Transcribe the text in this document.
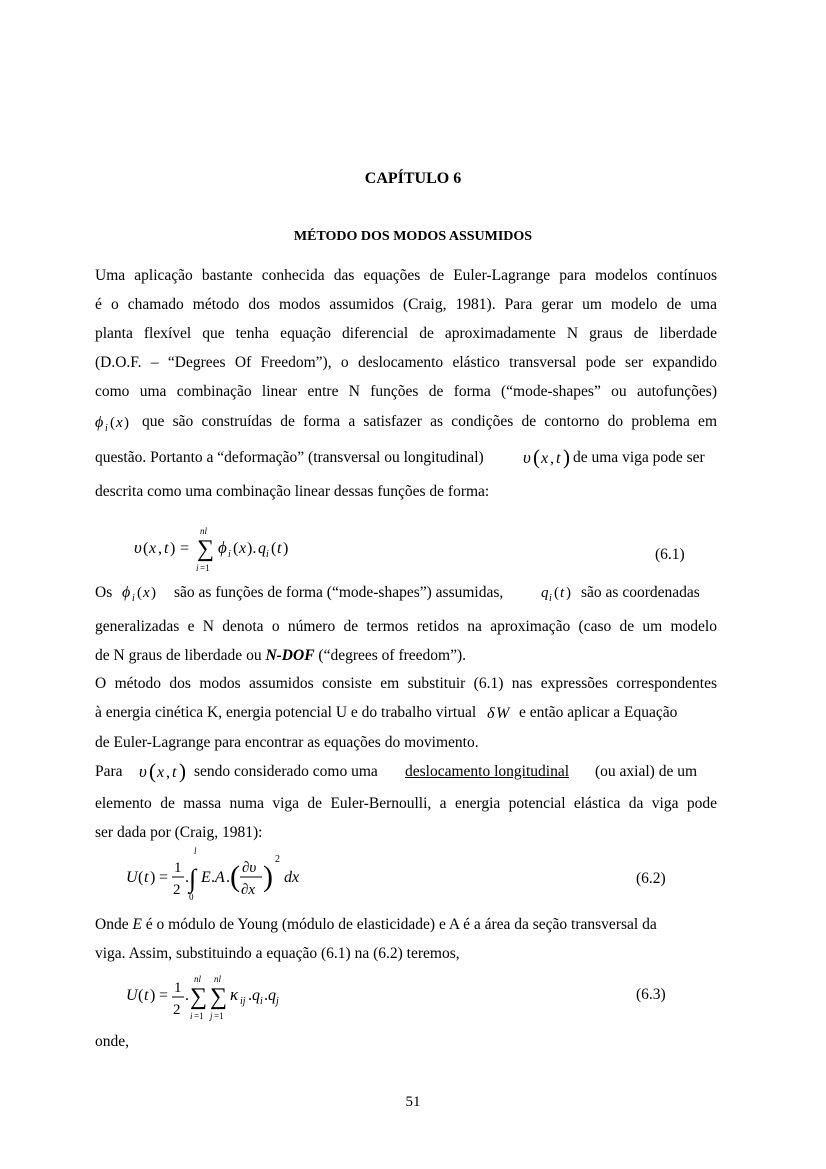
CAPÍTULO 6
MÉTODO DOS MODOS ASSUMIDOS
Uma aplicação bastante conhecida das equações de Euler-Lagrange para modelos contínuos
é o chamado método dos modos assumidos (Craig, 1981). Para gerar um modelo de uma
planta flexível que tenha equação diferencial de aproximadamente N graus de liberdade
(D.O.F. – “Degrees Of Freedom”), o deslocamento elástico transversal pode ser expandido
como uma combinação linear entre N funções de forma (“mode-shapes” ou autofunções)
ϕ i ( x ) que são construídas de forma a satisfazer as condições de contorno do problema em
questão. Portanto a “deformação” (transversal ou longitudinal) υ ( x , t ) de uma viga pode ser
descrita como uma combinação linear dessas funções de forma:
υ ( x , t ) = ∑
nl
i =1
ϕ i ( x ). q i ( t )	(6.1)
Os ϕ i ( x ) são as funções de forma (“mode-shapes”) assumidas,	q i ( t ) são as coordenadas
generalizadas e N denota o número de termos retidos na aproximação (caso de um modelo
de N graus de liberdade ou N-DOF (“degrees of freedom”).
O método dos modos assumidos consiste em substituir (6.1) nas expressões correspondentes
à energia cinética K, energia potencial U e do trabalho virtual δ W e então aplicar a Equação
de Euler-Lagrange para encontrar as equações do movimento.
Para υ ( x , t ) sendo considerado como uma deslocamento longitudinal (ou axial) de um
elemento de massa numa viga de Euler-Bernoulli, a energia potencial elástica da viga pode
ser dada por (Craig, 1981):
U ( t ) =
1
2
. ∫
l
0
E . A . ( ∂υ
∂x )
2
dx	(6.2)
Onde E é o módulo de Young (módulo de elasticidade) e A é a área da seção transversal da
viga. Assim, substituindo a equação (6.1) na (6.2) teremos,
U ( t ) = 1
2
. ∑
nl
i =1
∑
nl
j =1
κ ij . q i . q j	(6.3)
onde,
51
